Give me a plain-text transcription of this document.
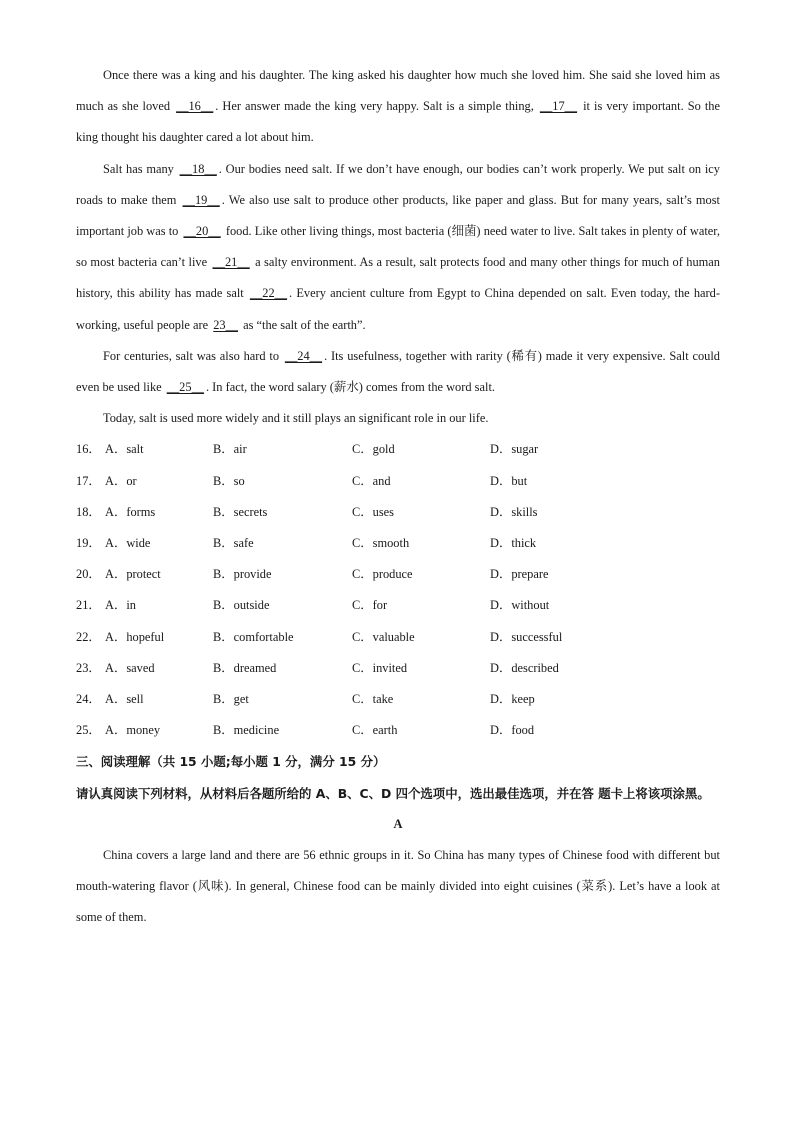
Once there was a king and his daughter. The king asked his daughter how much she loved him. She said she loved him as much as she loved __16__ . Her answer made the king very happy. Salt is a simple thing, __17__ it is very important. So the king thought his daughter cared a lot about him.

Salt has many __18__ . Our bodies need salt. If we don’t have enough, our bodies can’t work properly. We put salt on icy roads to make them __19__ . We also use salt to produce other products, like paper and glass. But for many years, salt’s most important job was to __20__ food. Like other living things, most bacteria (细菌) need water to live. Salt takes in plenty of water, so most bacteria can’t live __21__ a salty environment. As a result, salt protects food and many other things for much of human history, this ability has made salt __22__ . Every ancient culture from Egypt to China depended on salt. Even today, the hard-working, useful people are 23__ as “the salt of the earth”.

For centuries, salt was also hard to __24__ . Its usefulness, together with rarity (稀有) made it very expensive. Salt could even be used like __25__ . In fact, the word salary (薪水) comes from the word salt.

Today, salt is used more widely and it still plays an significant role in our life.

16． A．salt	B．air	C．gold	D．sugar
17． A．or	B．so	C．and	D．but
18． A．forms	B．secrets	C．uses	D．skills
19． A．wide	B．safe	C．smooth	D．thick
20． A．protect	B．provide	C．produce	D．prepare
21． A．in	B．outside	C．for	D．without
22． A．hopeful	B．comfortable	C．valuable	D．successful
23． A．saved	B．dreamed	C．invited	D．described
24． A．sell	B．get	C．take	D．keep
25． A．money	B．medicine	C．earth	D．food

三、阅读理解（共 15 小题;每小题 1 分，满分 15 分）

请认真阅读下列材料，从材料后各题所给的 A、B、C、D 四个选项中，选出最佳选项，并在答 题卡上将该项涂黑。

A

China covers a large land and there are 56 ethnic groups in it. So China has many types of Chinese food with different but mouth-watering flavor (风味). In general, Chinese food can be mainly divided into eight cuisines (菜系). Let’s have a look at some of them.
